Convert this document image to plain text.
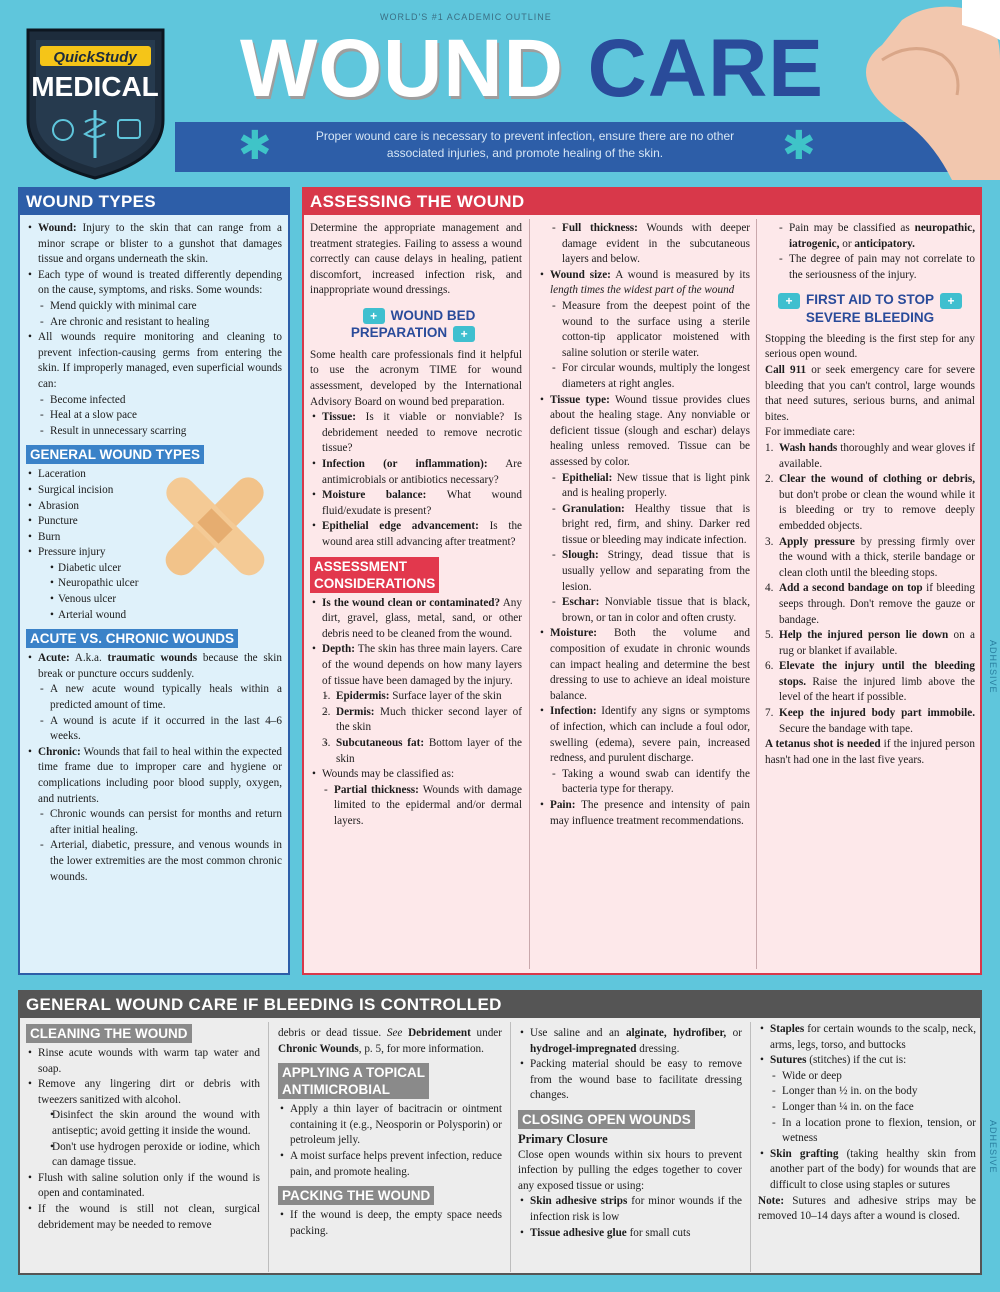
WORLD'S #1 ACADEMIC OUTLINE
QuickStudy
MEDICAL WOUND CARE
✱	✱
Proper wound care is necessary to prevent infection, ensure there are no other associated injuries, and promote healing of the skin.
WOUND TYPES
• Wound: Injury to the skin that can range from a minor scrape or blister to a gunshot that damages tissue and organs underneath the skin.
• Each type of wound is treated differently depending on the cause, symptoms, and risks. Some wounds:
- Mend quickly with minimal care
- Are chronic and resistant to healing
• All wounds require monitoring and cleaning to prevent infection-causing germs from entering the skin. If improperly managed, even superficial wounds can:
- Become infected
- Heal at a slow pace
- Result in unnecessary scarring
GENERAL WOUND TYPES
• Laceration
• Surgical incision
• Abrasion
• Puncture
• Burn
• Pressure injury
• Diabetic ulcer
• Neuropathic ulcer
• Venous ulcer
• Arterial wound
ACUTE VS. CHRONIC WOUNDS
• Acute: A.k.a. traumatic wounds because the skin break or puncture occurs suddenly.
- A new acute wound typically heals within a predicted amount of time.
- A wound is acute if it occurred in the last 4–6 weeks.
• Chronic: Wounds that fail to heal within the expected time frame due to improper care and hygiene or complications including poor blood supply, oxygen, and nutrients.
- Chronic wounds can persist for months and return after initial healing.
- Arterial, diabetic, pressure, and venous wounds in the lower extremities are the most common chronic wounds.
ASSESSING THE WOUND

Determine the appropriate management and treatment strategies. Failing to assess a wound correctly can cause delays in healing, patient discomfort, increased infection risk, and inappropriate wound dressings.

+ WOUND BED PREPARATION +

Some health care professionals find it helpful to use the acronym TIME for wound assessment, developed by the International Advisory Board on wound bed preparation.

• Tissue: Is it viable or nonviable? Is debridement needed to remove necrotic tissue?
• Infection (or inflammation): Are antimicrobials or antibiotics necessary?
• Moisture balance: What wound fluid/exudate is present?
• Epithelial edge advancement: Is the wound area still advancing after treatment?
ASSESSMENT
CONSIDERATIONS
• Is the wound clean or contaminated? Any dirt, gravel, glass, metal, sand, or other debris need to be cleaned from the wound.
• Depth: The skin has three main layers. Care of the wound depends on how many layers of tissue have been damaged by the injury.
- 1. Epidermis: Surface layer of the skin
- 2. Dermis: Much thicker second layer of the skin
- 3. Subcutaneous fat: Bottom layer of the skin
• Wounds may be classified as:
- Partial thickness: Wounds with damage limited to the epidermal and/or dermal layers.
- Full thickness: Wounds with deeper damage evident in the subcutaneous layers and below.
• Wound size: A wound is measured by its length times the widest part of the wound
- Measure from the deepest point of the wound to the surface using a sterile cotton-tip applicator moistened with saline solution or sterile water.
- For circular wounds, multiply the longest diameters at right angles.
• Tissue type: Wound tissue provides clues about the healing stage. Any nonviable or deficient tissue (slough and eschar) delays healing unless removed. Tissue can be assessed by color.
- Epithelial: New tissue that is light pink and is healing properly.
- Granulation: Healthy tissue that is bright red, firm, and shiny. Darker red tissue or bleeding may indicate infection.
- Slough: Stringy, dead tissue that is usually yellow and separating from the lesion.
- Eschar: Nonviable tissue that is black, brown, or tan in color and often crusty.
• Moisture: Both the volume and composition of exudate in chronic wounds can impact healing and determine the best dressing to use to achieve an ideal moisture balance.
• Infection: Identify any signs or symptoms of infection, which can include a foul odor, swelling (edema), severe pain, increased redness, and purulent discharge.
- Taking a wound swab can identify the bacteria type for therapy.
• Pain: The presence and intensity of pain may influence treatment recommendations.
- Pain may be classified as neuropathic, iatrogenic, or anticipatory.
- The degree of pain may not correlate to the seriousness of the injury.
+ FIRST AID TO STOP +
SEVERE BLEEDING

Stopping the bleeding is the first step for any serious open wound.

Call 911 or seek emergency care for severe bleeding that you can't control, large wounds that need sutures, serious burns, and animal bites.

For immediate care:

1. Wash hands thoroughly and wear gloves if available.
2. Clear the wound of clothing or debris, but don't probe or clean the wound while it is bleeding or try to remove deeply embedded objects.
3. Apply pressure by pressing firmly over the wound with a thick, sterile bandage or clean cloth until the bleeding stops.
4. Add a second bandage on top if bleeding seeps through. Don't remove the gauze or bandage.
5. Help the injured person lie down on a rug or blanket if available.
6. Elevate the injury until the bleeding stops. Raise the injured limb above the level of the heart if possible.
7. Keep the injured body part immobile. Secure the bandage with tape.

A tetanus shot is needed if the injured person hasn't had one in the last five years.

ADHESIVE
ADHESIVE
GENERAL WOUND CARE IF BLEEDING IS CONTROLLED
CLEANING THE WOUND
• Rinse acute wounds with warm tap water and soap.
• Remove any lingering dirt or debris with tweezers sanitized with alcohol.
• Disinfect the skin around the wound with antiseptic; avoid getting it inside the wound.
• Don't use hydrogen peroxide or iodine, which can damage tissue.
• Flush with saline solution only if the wound is open and contaminated.
• If the wound is still not clean, surgical debridement may be needed to remove

debris or dead tissue. See Debridement under Chronic Wounds, p. 5, for more information.

APPLYING A TOPICAL
ANTIMICROBIAL
• Apply a thin layer of bacitracin or ointment containing it (e.g., Neosporin or Polysporin) or petroleum jelly.
• A moist surface helps prevent infection, reduce pain, and promote healing.
PACKING THE WOUND
• If the wound is deep, the empty space needs packing.
• Use saline and an alginate, hydrofiber, or hydrogel-impregnated dressing.
• Packing material should be easy to remove from the wound base to facilitate dressing changes.
CLOSING OPEN WOUNDS

Primary Closure

Close open wounds within six hours to prevent infection by pulling the edges together to cover any exposed tissue or using:

• Skin adhesive strips for minor wounds if the infection risk is low
• Tissue adhesive glue for small cuts
• Staples for certain wounds to the scalp, neck, arms, legs, torso, and buttocks
• Sutures (stitches) if the cut is:
- Wide or deep
- Longer than ½ in. on the body
- Longer than ¼ in. on the face
- In a location prone to flexion, tension, or wetness
• Skin grafting (taking healthy skin from another part of the body) for wounds that are difficult to close using staples or sutures

Note: Sutures and adhesive strips may be removed 10–14 days after a wound is closed.
